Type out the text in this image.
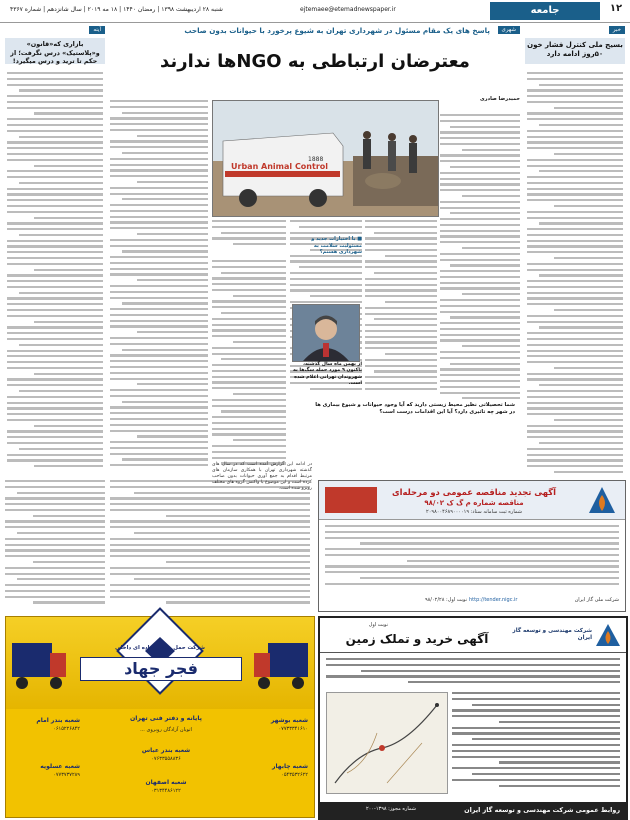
۱۲
جامعه
ejtemaee@etemadnewspaper.ir
شنبه ۲۸ اردیبهشت ۱۳۹۸ | رمضان ۱۴۴۰ | ۱۸ مه ۲۰۱۹ | سال شانزدهم | شماره ۴۳۶۷
خبر
بسیج ملی کنترل فشار خون ۵۰روز ادامه دارد
آینه
بازاری که«قانون» و«پلاستیک» درس نگرفت؛ از حکم تا ترید و درس میگیرد!
شهری
پاسخ های یک مقام مسئول در شهرداری تهران به شیوع پرخورد با حیوانات بدون صاحب
معترضان ارتباطی به NGOها ندارند
حمیدرضا صادری
Urban Animal Control
1888
شما تحصیلاتی نظیر محیط زیستی دارید که آیا وجود حیوانات و شیوع بیماری ها در شهر چه تاثیری دارد؟ آیا این اقدامات درست است؟
از بهمن ماه سال گذشته، تاکنون ۹ مورد حمله سگ‌ها به شهروندان تهرانی اعلام شده است.
■ با اختیارات جدید و مسئولیت سلامت به شهرداری هستم؟
آگهی تجدید مناقصه عمومی دو مرحله‌ای
مناقصه شماره م گ ک ۹۸/۰۲
شماره ثبت سامانه ستاد: ۲۰۹۸۰۰۴۶۸۹۰۰۰۰۱۹
نوبت اول: ۹۸/۰۲/۲۸ http://tender.nigc.ir	شرکت ملی گاز ایران
نوبت اول
آگهی خرید و تملک زمین
شرکت مهندسی و توسعه گاز ایران
روابط عمومی شرکت مهندسی و توسعه گاز ایران
شماره مجوز: ۱۳۹۸-۲۰۰
شرکت حمل و نقل جاده ای داخلی
فجر جهاد
پایانه و دفتر فنی تهران
اتوبان آزادگان روبروی ...
شعبه بوشهر
۰۷۷۳۳۳۴۱۶۱۰
شعبه چابهار
۰۵۴۳۵۳۲۶۲۲
شعبه بندر امام
۰۶۱۵۲۲۶۸۴۲
شعبه عسلویه
۰۷۷۳۷۳۷۲۸۹
شعبه بندر عباس
۰۷۶۳۳۵۵۸۸۳۶
شعبه اصفهان
۰۳۱۳۴۴۸۶۱۲۲
در ادامه این گزارش آمده است که در سال های گذشته شهرداری تهران با همکاری سازمان های مرتبط اقدام به جمع آوری حیوانات بدون صاحب کرده است و این موضوع با واکنش گروه های مختلف روبرو شده است.
